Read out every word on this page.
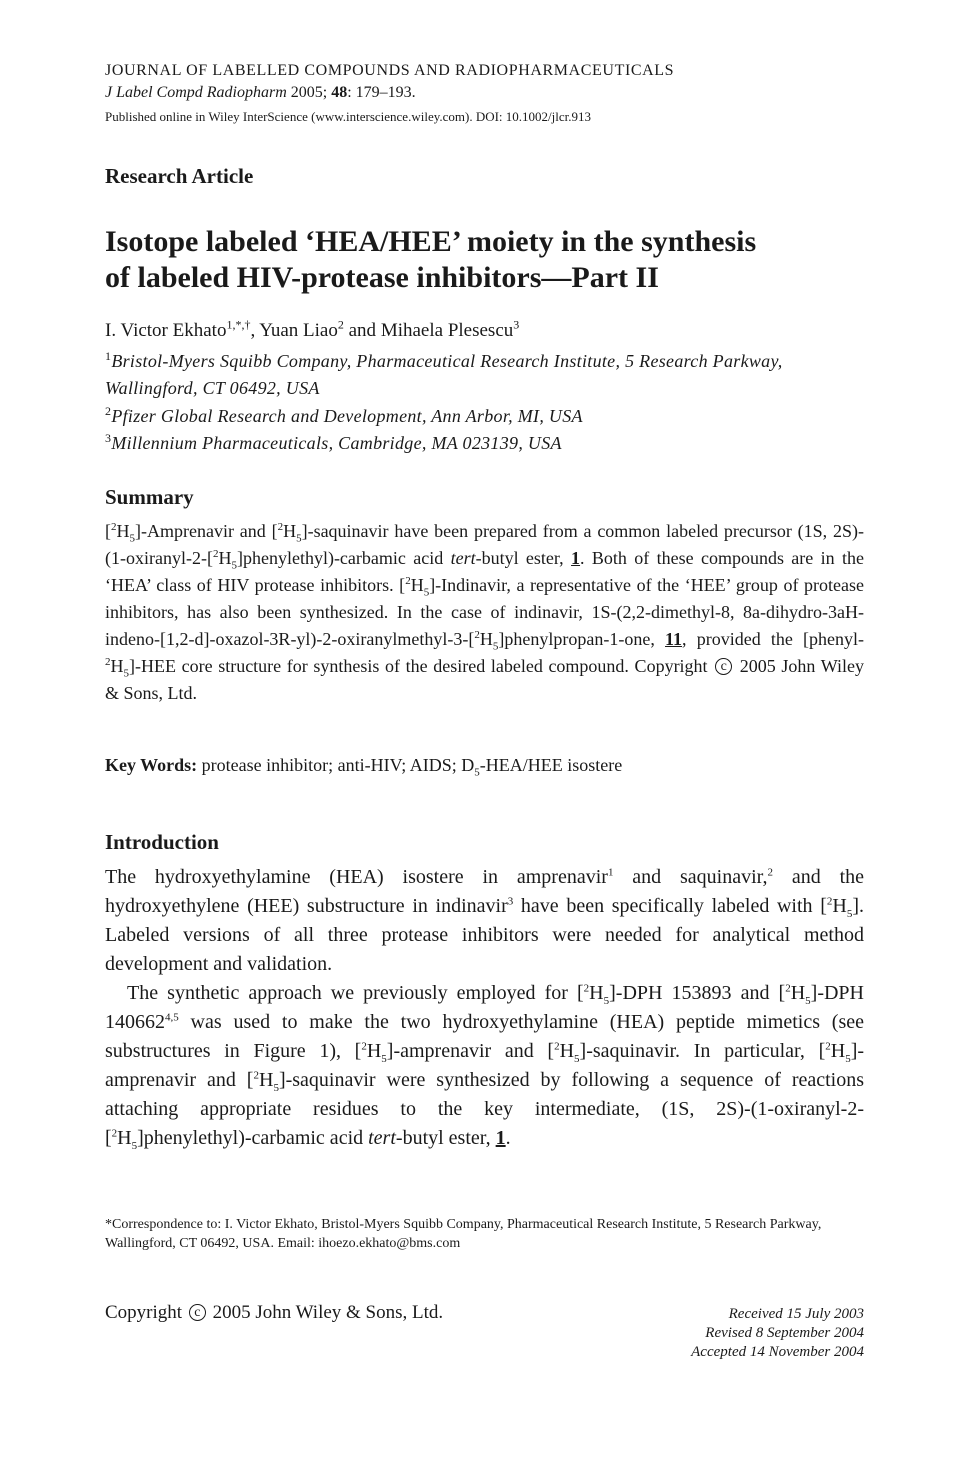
JOURNAL OF LABELLED COMPOUNDS AND RADIOPHARMACEUTICALS
J Label Compd Radiopharm 2005; 48: 179–193.
Published online in Wiley InterScience (www.interscience.wiley.com). DOI: 10.1002/jlcr.913
Research Article
Isotope labeled ‘HEA/HEE’ moiety in the synthesis
of labeled HIV-protease inhibitors—Part II
I. Victor Ekhato$^{1,*,\dagger}$, Yuan Liao$^2$ and Mihaela Plesescu$^3$
$^1$Bristol-Myers Squibb Company, Pharmaceutical Research Institute, 5 Research Parkway, Wallingford, CT 06492, USA
$^2$Pfizer Global Research and Development, Ann Arbor, MI, USA
$^3$Millennium Pharmaceuticals, Cambridge, MA 023139, USA
Summary
$[^2H_5]$-Amprenavir and $[^2H_5]$-saquinavir have been prepared from a common labeled precursor (1S, $2S)-(1-oxiranyl-2-[^2H_5]phenylethyl)$-carbamic acid tert-butyl ester, 1. Both of these compounds are in the ‘HEA’ class of HIV protease inhibitors. $[^2H_5]$-Indinavir, a representative of the ‘HEE’ group of protease inhibitors, has also been synthesized. In the case of indinavir, 1S-(2,2-dimethyl-8, $8a-dihydro-3aH-indeno-[1,2-d]-oxazol-3R-yl)-2-oxiranylmethyl-3-[^2H_5]phenylpropan-1$-one, 11, provided the $[phenyl-^2H_5]$-HEE core structure for synthesis of the desired labeled compound. Copyright c 2005 John Wiley & Sons, Ltd.
Key Words: protease inhibitor; anti-HIV; AIDS; $D_5-HEA$/HEE isostere
Introduction

The hydroxyethylamine (HEA) isostere in amprenavir$^1$ and saquinavir,$^2$ and the hydroxyethylene (HEE) substructure in indinavir$^3$ have been specifically labeled with $[^2H_5]$. Labeled versions of all three protease inhibitors were needed for analytical method development and validation.

The synthetic approach we previously employed for $[^2H_5]$-DPH 153893 and $[^2H_5]$-DPH 140662$^{4,5}$ was used to make the two hydroxyethylamine (HEA) peptide mimetics (see substructures in Figure 1), $[^2H_5]$-amprenavir and $[^2H_5]$-saquinavir. In particular, $[^2H_5]$-amprenavir and $[^2H_5]$-saquinavir were synthesized by following a sequence of reactions attaching appropriate residues to the key intermediate, (1S, $2S)-(1-oxiranyl-2-[^2H_5]phenylethyl)$-carbamic acid tert-butyl ester, 1.

*Correspondence to: I. Victor Ekhato, Bristol-Myers Squibb Company, Pharmaceutical Research Institute, 5 Research Parkway, Wallingford, CT 06492, USA. Email: ihoezo.ekhato@bms.com
Copyright c 2005 John Wiley & Sons, Ltd.	Received 15 July 2003
Revised 8 September 2004
Accepted 14 November 2004
